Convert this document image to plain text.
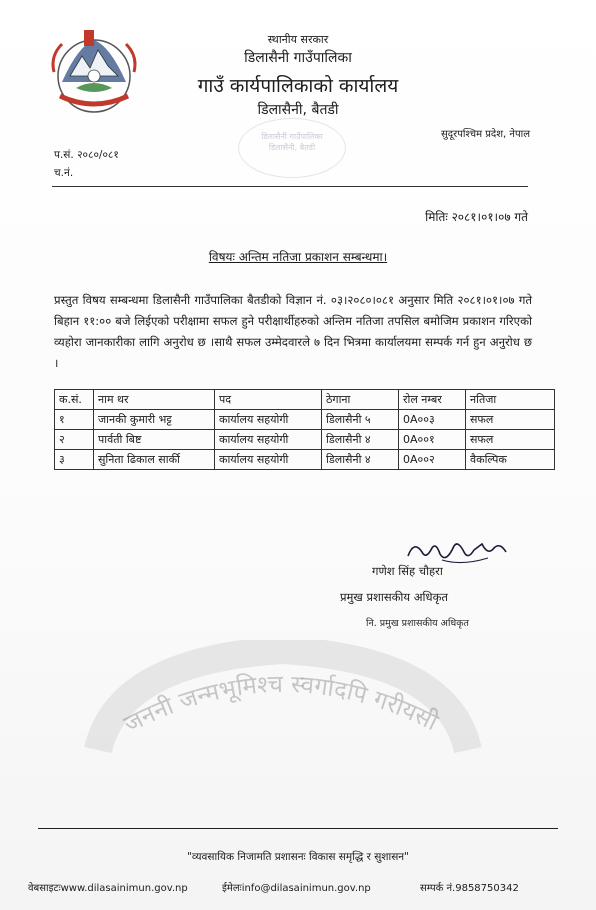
स्थानीय सरकार
डिलासैनी गाउँपालिका
गाउँ कार्यपालिकाको कार्यालय
डिलासैनी, बैतडी
डिलासैनी गाउँपालिका
डिलासैनी, बैतडी
सुदूरपश्चिम प्रदेश, नेपाल
प.सं. २०८०/०८१
च.नं.
मितिः २०८१।०१।०७ गते
विषयः अन्तिम नतिजा प्रकाशन सम्बन्धमा।
प्रस्तुत विषय सम्बन्धमा डिलासैनी गाउँपालिका बैतडीको विज्ञान नं. ०३।२०८०।०८१ अनुसार मिति २०८१।०१।०७ गते बिहान ११:०० बजे लिईएको परीक्षामा सफल हुने परीक्षार्थीहरुको अन्तिम नतिजा तपसिल बमोजिम प्रकाशन गरिएको व्यहोरा जानकारीका लागि अनुरोध छ ।साथै सफल उम्मेदवारले ७ दिन भित्रमा कार्यालयमा सम्पर्क गर्न हुन अनुरोध छ ।
क.सं.	नाम थर	पद	ठेगाना	रोल नम्बर	नतिजा
१	जानकी कुमारी भट्ट	कार्यालय सहयोगी	डिलासैनी ५	0A००३	सफल
२	पार्वती बिष्ट	कार्यालय सहयोगी	डिलासैनी ४	0A००१	सफल
३	सुनिता ढिकाल सार्की	कार्यालय सहयोगी	डिलासैनी ४	0A००२	वैकल्पिक
गणेश सिंह चौहरा
प्रमुख प्रशासकीय अधिकृत
नि. प्रमुख प्रशासकीय अधिकृत
जननी जन्मभूमिश्च स्वर्गादपि गरीयसी
"व्यवसायिक निजामति प्रशासनः विकास समृद्धि र सुशासन"
वेबसाइटःwww.dilasainimun.gov.np	ईमेलःinfo@dilasainimun.gov.np	सम्पर्क नं.9858750342
